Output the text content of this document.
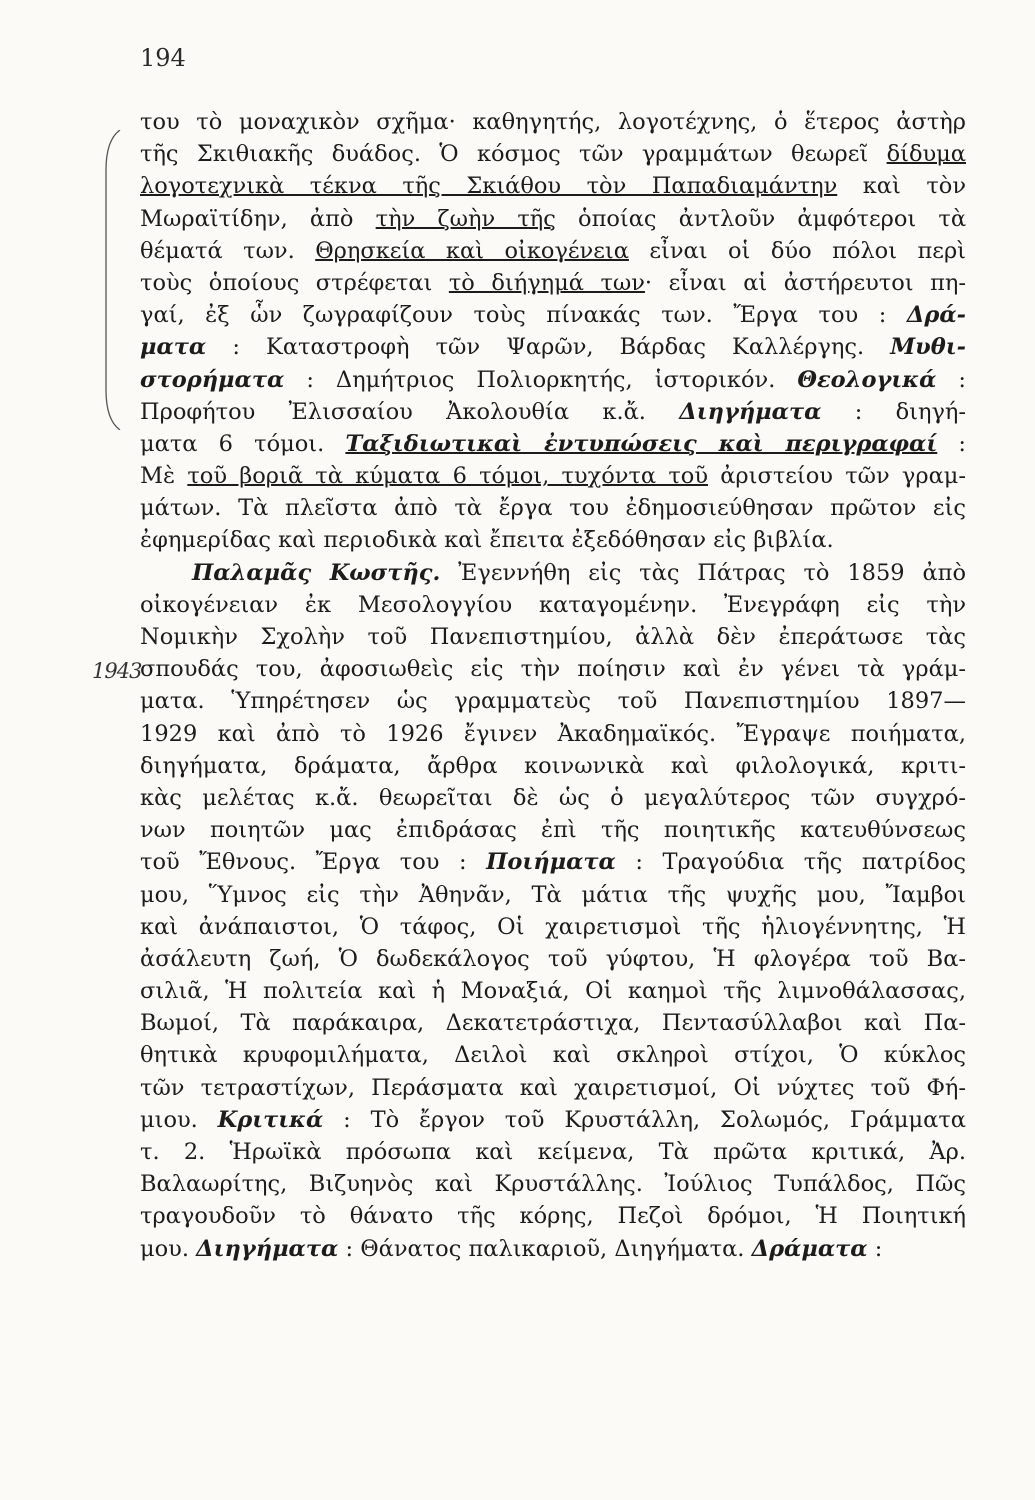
194
1943
του τὸ μοναχικὸν σχῆμα· καθηγητής, λογοτέχνης, ὁ ἕτερος ἀστὴρ
τῆς Σκιθιακῆς δυάδος. Ὁ κόσμος τῶν γραμμάτων θεωρεῖ δίδυμα
λογοτεχνικὰ τέκνα τῆς Σκιάθου τὸν Παπαδιαμάντην καὶ τὸν
Μωραϊτίδην, ἀπὸ τὴν ζωὴν τῆς ὁποίας ἀντλοῦν ἀμφότεροι τὰ
θέματά των. Θρησκεία καὶ οἰκογένεια εἶναι οἱ δύο πόλοι περὶ
τοὺς ὁποίους στρέφεται τὸ διήγημά των· εἶναι αἱ ἀστήρευτοι πη-
γαί, ἐξ ὧν ζωγραφίζουν τοὺς πίνακάς των. Ἔργα του : Δρά-
ματα : Καταστροφὴ τῶν Ψαρῶν, Βάρδας Καλλέργης. Μυθι-
στορήματα : Δημήτριος Πολιορκητής, ἱστορικόν. Θεολογικά :
Προφήτου Ἐλισσαίου Ἀκολουθία κ.ἄ. Διηγήματα : διηγή-
ματα 6 τόμοι. Ταξιδιωτικαὶ ἐντυπώσεις καὶ περιγραφαί :
Μὲ τοῦ βοριᾶ τὰ κύματα 6 τόμοι, τυχόντα τοῦ ἀριστείου τῶν γραμ-
μάτων. Τὰ πλεῖστα ἀπὸ τὰ ἔργα του ἐδημοσιεύθησαν πρῶτον εἰς
ἐφημερίδας καὶ περιοδικὰ καὶ ἔπειτα ἐξεδόθησαν εἰς βιβλία.
Παλαμᾶς Κωστῆς. Ἐγεννήθη εἰς τὰς Πάτρας τὸ 1859 ἀπὸ
οἰκογένειαν ἐκ Μεσολογγίου καταγομένην. Ἐνεγράφη εἰς τὴν
Νομικὴν Σχολὴν τοῦ Πανεπιστημίου, ἀλλὰ δὲν ἐπεράτωσε τὰς
σπουδάς του, ἀφοσιωθεὶς εἰς τὴν ποίησιν καὶ ἐν γένει τὰ γράμ-
ματα. Ὑπηρέτησεν ὡς γραμματεὺς τοῦ Πανεπιστημίου 1897—
1929 καὶ ἀπὸ τὸ 1926 ἔγινεν Ἀκαδημαϊκός. Ἔγραψε ποιήματα,
διηγήματα, δράματα, ἄρθρα κοινωνικὰ καὶ φιλολογικά, κριτι-
κὰς μελέτας κ.ἄ. θεωρεῖται δὲ ὡς ὁ μεγαλύτερος τῶν συγχρό-
νων ποιητῶν μας ἐπιδράσας ἐπὶ τῆς ποιητικῆς κατευθύνσεως
τοῦ Ἔθνους. Ἔργα του : Ποιήματα : Τραγούδια τῆς πατρίδος
μου, Ὕμνος εἰς τὴν Ἀθηνᾶν, Τὰ μάτια τῆς ψυχῆς μου, Ἴαμβοι
καὶ ἀνάπαιστοι, Ὁ τάφος, Οἱ χαιρετισμοὶ τῆς ἡλιογέννητης, Ἡ
ἀσάλευτη ζωή, Ὁ δωδεκάλογος τοῦ γύφτου, Ἡ φλογέρα τοῦ Βα-
σιλιᾶ, Ἡ πολιτεία καὶ ἡ Μοναξιά, Οἱ καημοὶ τῆς λιμνοθάλασσας,
Βωμοί, Τὰ παράκαιρα, Δεκατετράστιχα, Πεντασύλλαβοι καὶ Πα-
θητικὰ κρυφομιλήματα, Δειλοὶ καὶ σκληροὶ στίχοι, Ὁ κύκλος
τῶν τετραστίχων, Περάσματα καὶ χαιρετισμοί, Οἱ νύχτες τοῦ Φή-
μιου. Κριτικά : Τὸ ἔργον τοῦ Κρυστάλλη, Σολωμός, Γράμματα
τ. 2. Ἡρωϊκὰ πρόσωπα καὶ κείμενα, Τὰ πρῶτα κριτικά, Ἀρ.
Βαλαωρίτης, Βιζυηνὸς καὶ Κρυστάλλης. Ἰούλιος Τυπάλδος, Πῶς
τραγουδοῦν τὸ θάνατο τῆς κόρης, Πεζοὶ δρόμοι, Ἡ Ποιητική
μου. Διηγήματα : Θάνατος παλικαριοῦ, Διηγήματα. Δράματα :
